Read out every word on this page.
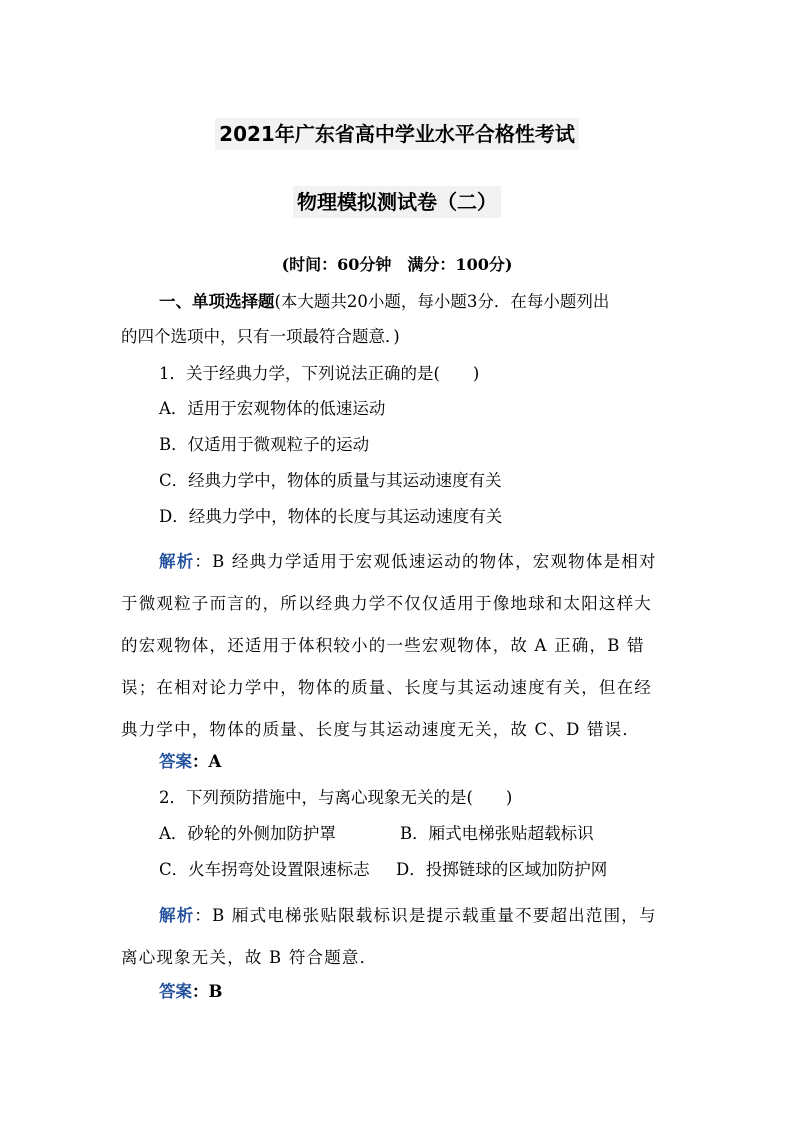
2021年广东省高中学业水平合格性考试
物理模拟测试卷（二）
(时间：60分钟　满分：100分)
一、单项选择题(本大题共20小题，每小题3分．在每小题列出
的四个选项中，只有一项最符合题意．)
1．关于经典力学，下列说法正确的是(　　)
A．适用于宏观物体的低速运动
B．仅适用于微观粒子的运动
C．经典力学中，物体的质量与其运动速度有关
D．经典力学中，物体的长度与其运动速度有关
解析：B 经典力学适用于宏观低速运动的物体，宏观物体是相对
于微观粒子而言的，所以经典力学不仅仅适用于像地球和太阳这样大
的宏观物体，还适用于体积较小的一些宏观物体，故 A 正确，B 错
误；在相对论力学中，物体的质量、长度与其运动速度有关，但在经
典力学中，物体的质量、长度与其运动速度无关，故 C、D 错误．
答案：A
2．下列预防措施中，与离心现象无关的是(　　)
A．砂轮的外侧加防护罩	B．厢式电梯张贴超载标识
C．火车拐弯处设置限速标志 D．投掷链球的区域加防护网
解析：B 厢式电梯张贴限载标识是提示载重量不要超出范围，与
离心现象无关，故 B 符合题意．
答案：B
